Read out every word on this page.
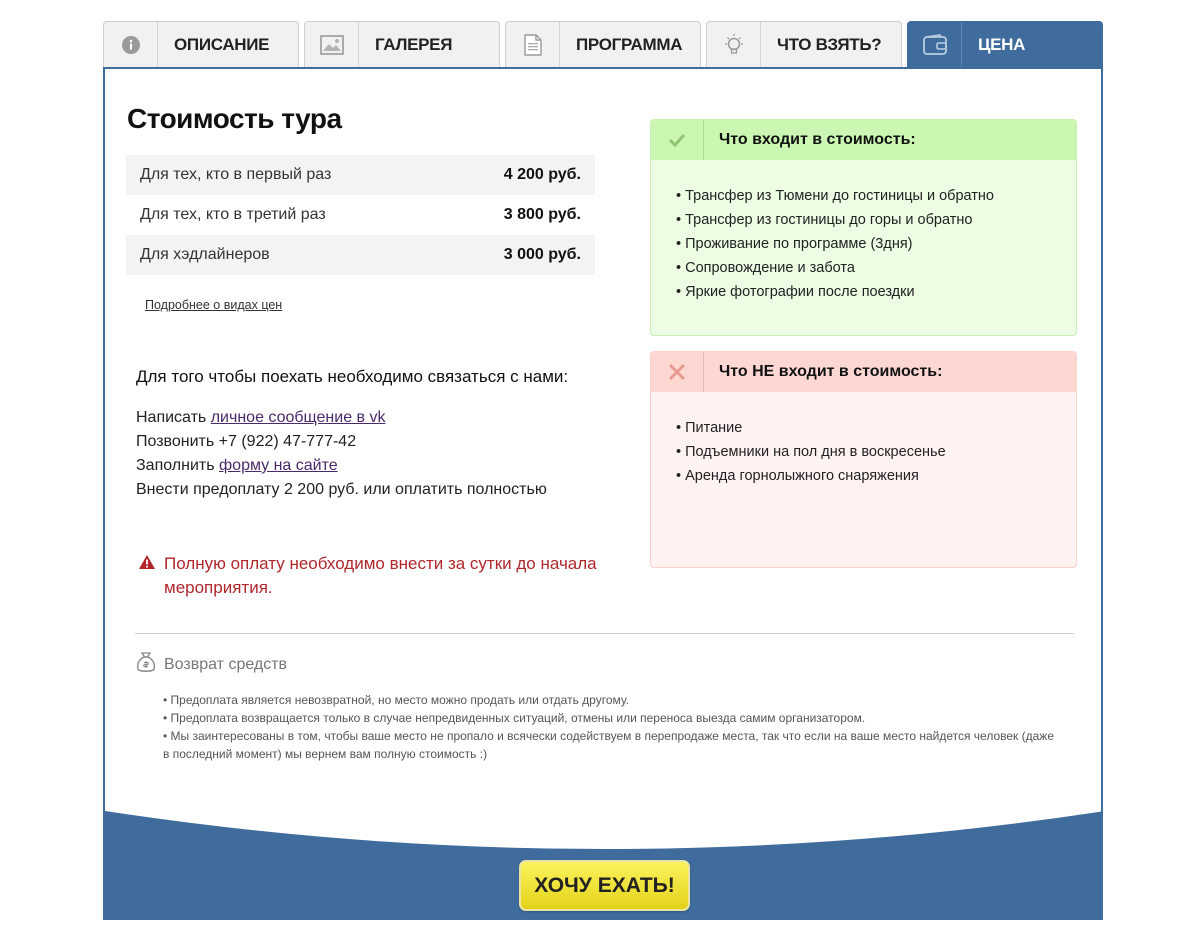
ОПИСАНИЕ	ГАЛЕРЕЯ	ПРОГРАММА	ЧТО ВЗЯТЬ?	ЦЕНА
Стоимость тура
Для тех, кто в первый раз	4 200 руб.
Для тех, кто в третий раз	3 800 руб.
Для хэдлайнеров	3 000 руб.
Подробнее о видах цен
Для того чтобы поехать необходимо связаться с нами:
Написать личное сообщение в vk
Позвонить +7 (922) 47-777-42
Заполнить форму на сайте
Внести предоплату 2 200 руб. или оплатить полностью
Полную оплату необходимо внести за сутки до начала мероприятия.
Что входит в стоимость:
• Трансфер из Тюмени до гостиницы и обратно
• Трансфер из гостиницы до горы и обратно
• Проживание по программе (3дня)
• Сопровождение и забота
• Яркие фотографии после поездки
Что НЕ входит в стоимость:
• Питание
• Подъемники на пол дня в воскресенье
• Аренда горнолыжного снаряжения
Возврат средств
• Предоплата является невозвратной, но место можно продать или отдать другому.
• Предоплата возвращается только в случае непредвиденных ситуаций, отмены или переноса выезда самим организатором.
• Мы заинтересованы в том, чтобы ваше место не пропало и всячески содействуем в перепродаже места, так что если на ваше место найдется человек (даже в последний момент) мы вернем вам полную стоимость :)
ХОЧУ ЕХАТЬ!
